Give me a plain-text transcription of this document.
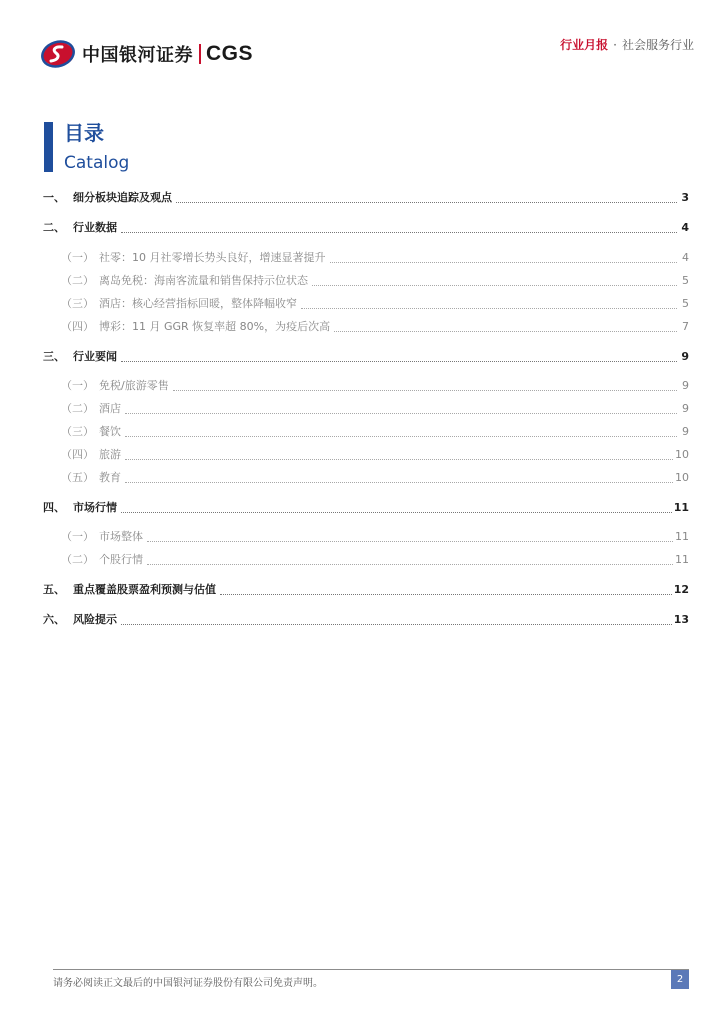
中国银河证券 CGS	行业月报 · 社会服务行业
目录
Catalog
一、 细分板块追踪及观点	3
二、 行业数据	4
（一） 社零：10 月社零增长势头良好，增速显著提升	4
（二） 离岛免税：海南客流量和销售保持示位状态	5
（三） 酒店：核心经营指标回暖，整体降幅收窄	5
（四） 博彩：11 月 GGR 恢复率超 80%，为疫后次高	7
三、 行业要闻	9
（一） 免税/旅游零售	9
（二） 酒店	9
（三） 餐饮	9
（四） 旅游	10
（五） 教育	10
四、 市场行情	11
（一） 市场整体	11
（二） 个股行情	11
五、 重点覆盖股票盈利预测与估值	12
六、 风险提示	13
请务必阅读正文最后的中国银河证券股份有限公司免责声明。	2
